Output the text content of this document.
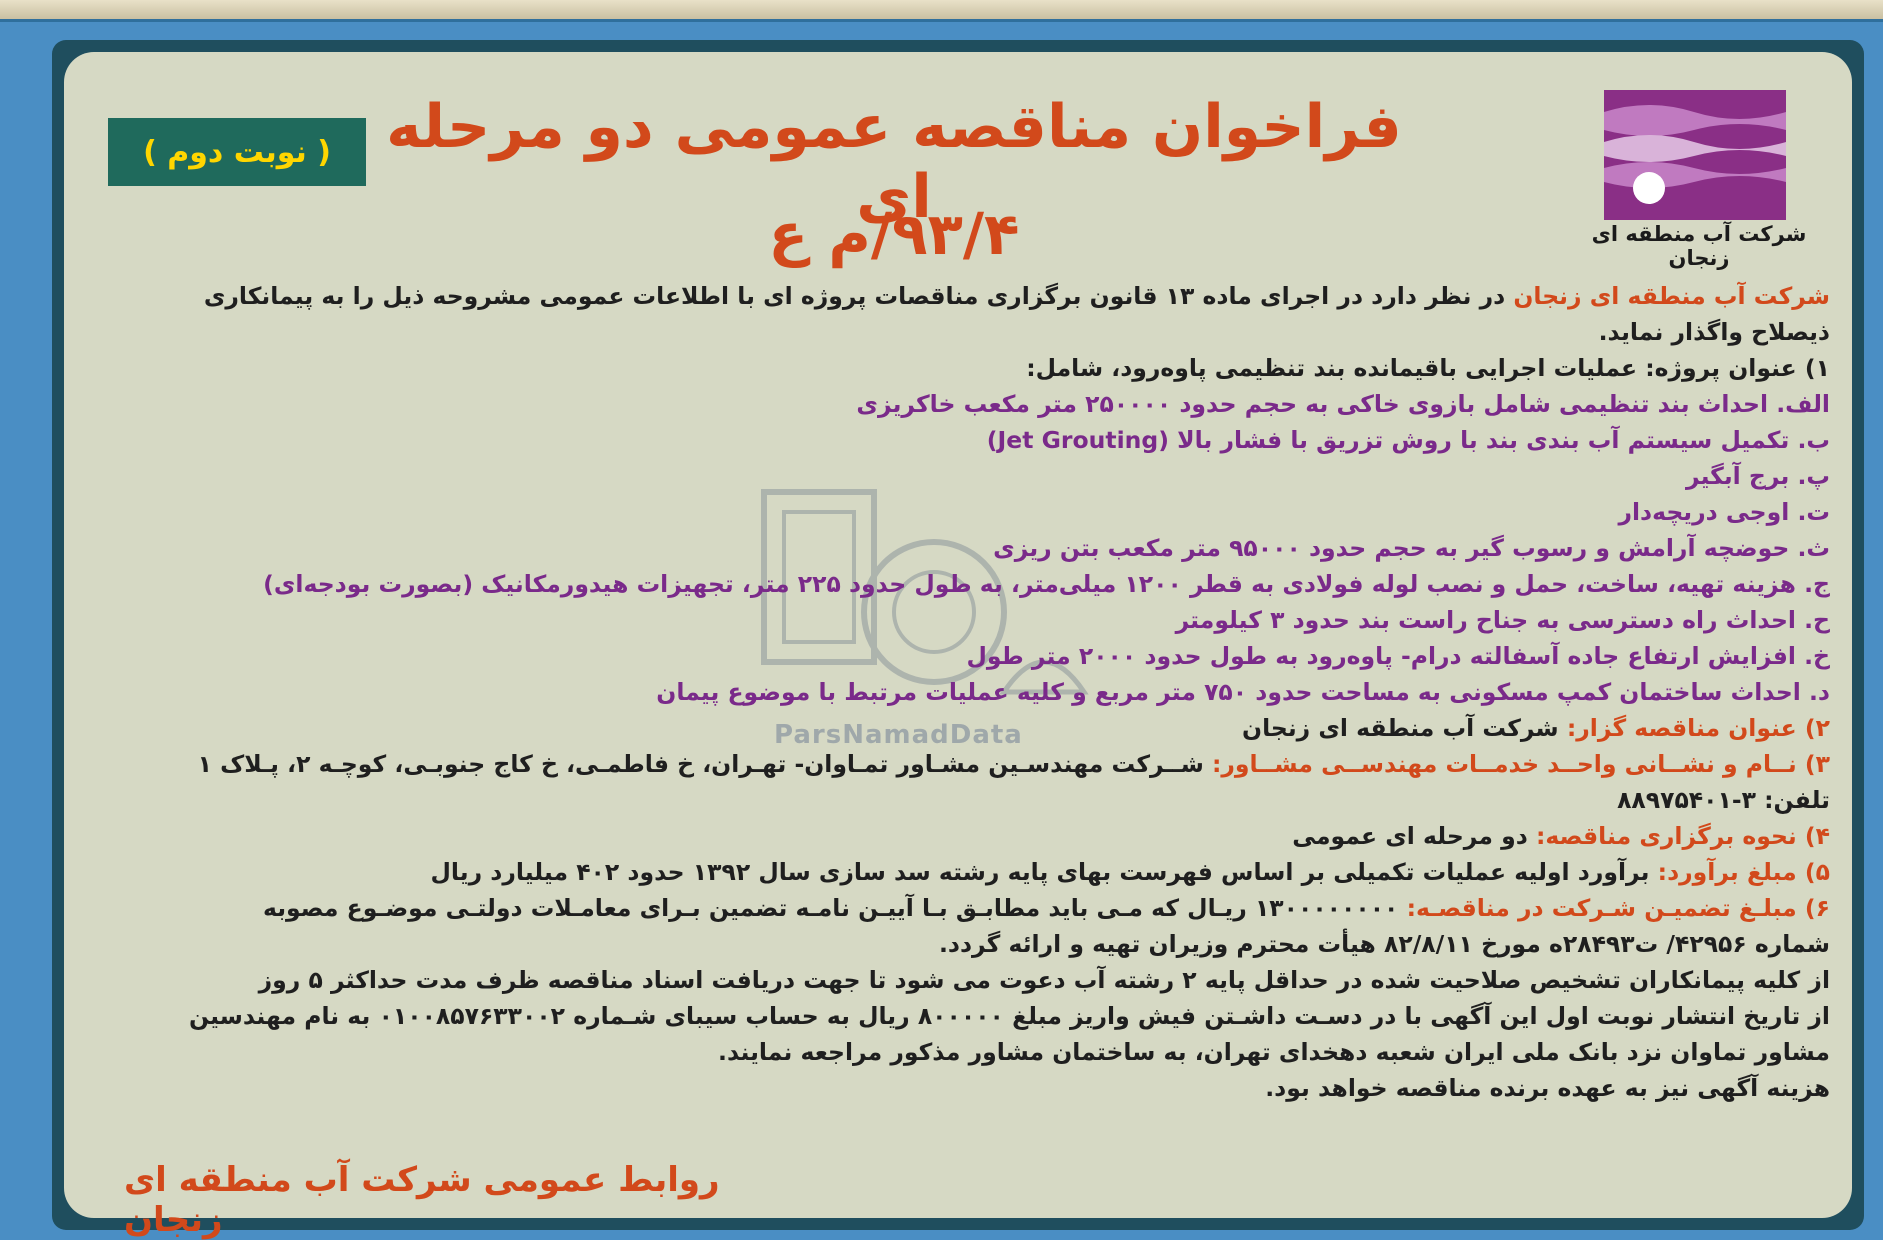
شرکت آب منطقه ای زنجان
( نوبت دوم ) فراخوان مناقصه عمومی دو مرحله ای
۹۳/۴/م ع
ParsNamadData

شرکت آب منطقه ای زنجان در نظر دارد در اجرای ماده ۱۳ قانون برگزاری مناقصات پروژه ای با اطلاعات عمومی مشروحه ذیل را به پیمانکاری

ذیصلاح واگذار نماید.

۱) عنوان پروژه: عملیات اجرایی باقیمانده بند تنظیمی پاوه‌رود، شامل:

الف. احداث بند تنظیمی شامل بازوی خاکی به حجم حدود ۲۵۰۰۰۰ متر مکعب خاکریزی

ب. تکمیل سیستم آب بندی بند با روش تزریق با فشار بالا (Jet Grouting)

پ. برج آبگیر

ت. اوجی دریچه‌دار

ث. حوضچه آرامش و رسوب گیر به حجم حدود ۹۵۰۰۰ متر مکعب بتن ریزی

ج. هزینه تهیه، ساخت، حمل و نصب لوله فولادی به قطر ۱۲۰۰ میلی‌متر، به طول حدود ۲۲۵ متر، تجهیزات هیدورمکانیک (بصورت بودجه‌ای)

ح. احداث راه دسترسی به جناح راست بند حدود ۳ کیلومتر

خ. افزایش ارتفاع جاده آسفالته درام- پاوه‌رود به طول حدود ۲۰۰۰ متر طول

د. احداث ساختمان کمپ مسکونی به مساحت حدود ۷۵۰ متر مربع و کلیه عملیات مرتبط با موضوع پیمان

۲) عنوان مناقصه گزار: شرکت آب منطقه ای زنجان

۳) نــام و نشــانی واحــد خدمــات مهندســی مشــاور: شــرکت مهندسـین مشـاور تمـاوان- تهـران، خ فاطمـی، خ کاج جنوبـی، کوچـه ۲، پـلاک ۱

تلفن: ۳-۸۸۹۷۵۴۰۱

۴) نحوه برگزاری مناقصه: دو مرحله ای عمومی

۵) مبلغ برآورد: برآورد اولیه عملیات تکمیلی بر اساس فهرست بهای پایه رشته سد سازی سال ۱۳۹۲ حدود ۴۰۲ میلیارد ریال

۶) مبلـغ تضمیـن شـرکت در مناقصـه: ۱۳۰۰۰۰۰۰۰۰ ریـال که مـی باید مطابـق بـا آییـن نامـه تضمین بـرای معامـلات دولتـی موضـوع مصوبه

شماره ۴۲۹۵۶/ ت۲۸۴۹۳ه مورخ ۸۲/۸/۱۱ هیأت محترم وزیران تهیه و ارائه گردد.

از کلیه پیمانکاران تشخیص صلاحیت شده در حداقل پایه ۲ رشته آب دعوت می شود تا جهت دریافت اسناد مناقصه ظرف مدت حداکثر ۵ روز

از تاریخ انتشار نوبت اول این آگهی با در دسـت داشـتن فیش واریز مبلغ ۸۰۰۰۰۰ ریال به حساب سیبای شـماره ۰۱۰۰۸۵۷۶۳۳۰۰۲ به نام مهندسین

مشاور تماوان نزد بانک ملی ایران شعبه دهخدای تهران، به ساختمان مشاور مذکور مراجعه نمایند.

هزینه آگهی نیز به عهده برنده مناقصه خواهد بود.

روابط عمومی شرکت آب منطقه ای زنجان
